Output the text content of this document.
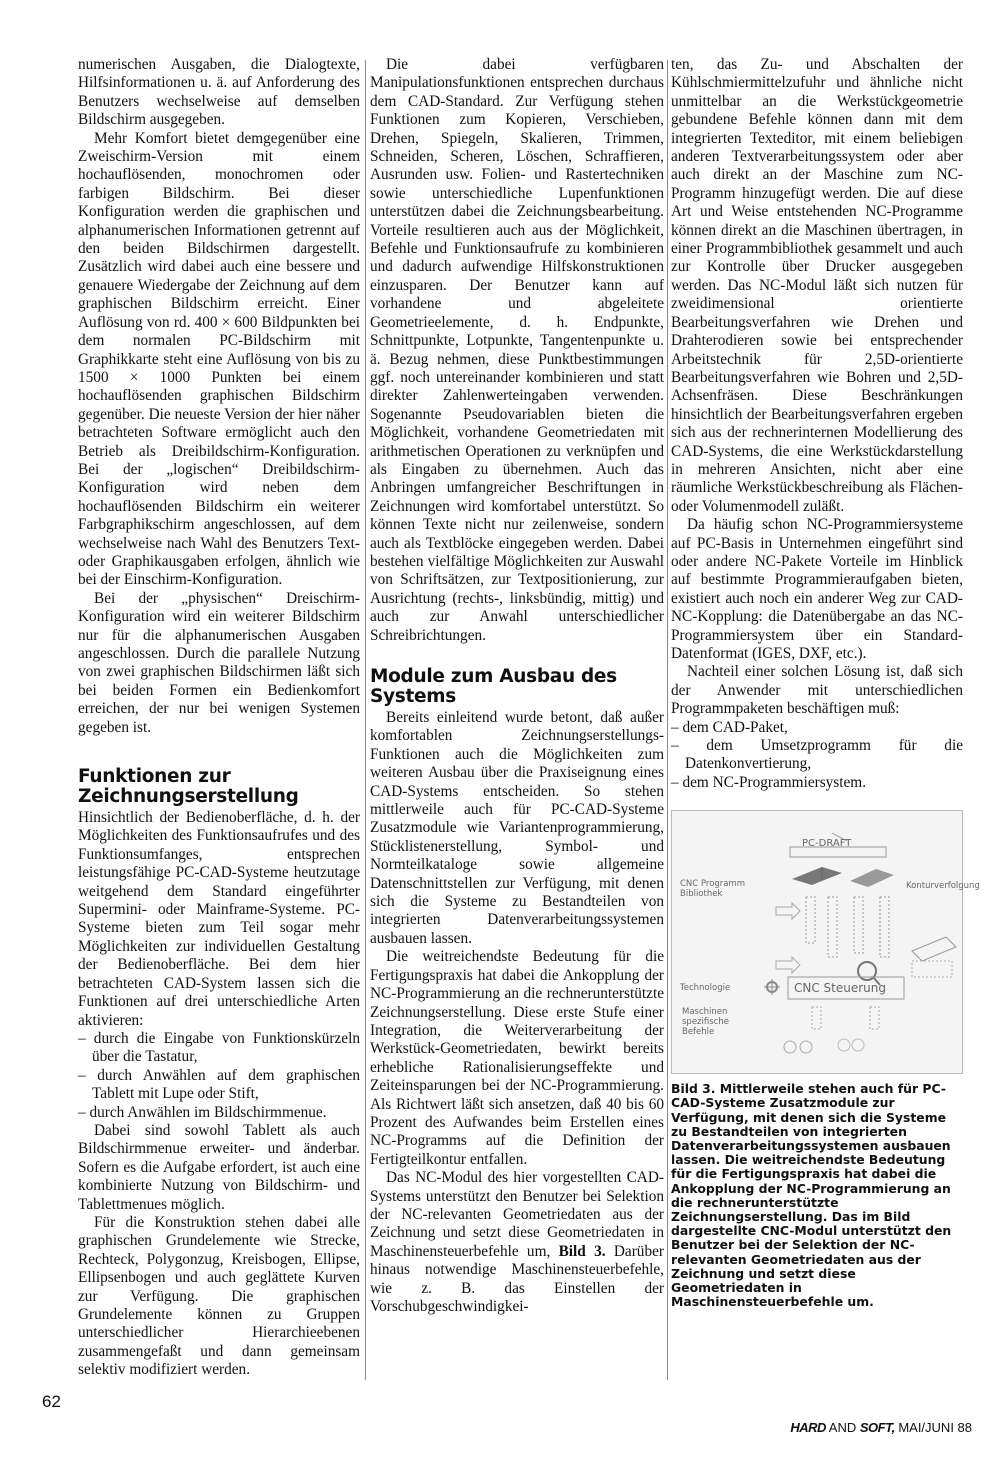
numerischen Ausgaben, die Dialogtexte, Hilfsinformationen u. ä. auf Anforderung des Benutzers wechselweise auf demselben Bildschirm ausgegeben.

Mehr Komfort bietet demgegenüber eine Zweischirm-Version mit einem hochauflösenden, monochromen oder farbigen Bildschirm. Bei dieser Konfiguration werden die graphischen und alphanumerischen Informationen getrennt auf den beiden Bildschirmen dargestellt. Zusätzlich wird dabei auch eine bessere und genauere Wiedergabe der Zeichnung auf dem graphischen Bildschirm erreicht. Einer Auflösung von rd. 400 × 600 Bildpunkten bei dem normalen PC-Bildschirm mit Graphikkarte steht eine Auflösung von bis zu 1500 × 1000 Punkten bei einem hochauflösenden graphischen Bildschirm gegenüber. Die neueste Version der hier näher betrachteten Software ermöglicht auch den Betrieb als Dreibildschirm-Konfiguration. Bei der „logischen“ Dreibildschirm-Konfiguration wird neben dem hochauflösenden Bildschirm ein weiterer Farbgraphikschirm angeschlossen, auf dem wechselweise nach Wahl des Benutzers Text- oder Graphikausgaben erfolgen, ähnlich wie bei der Einschirm-Konfiguration.

Bei der „physischen“ Dreischirm-Konfiguration wird ein weiterer Bildschirm nur für die alphanumerischen Ausgaben angeschlossen. Durch die parallele Nutzung von zwei graphischen Bildschirmen läßt sich bei beiden Formen ein Bedienkomfort erreichen, der nur bei wenigen Systemen gegeben ist.

Funktionen zur Zeichnungserstellung

Hinsichtlich der Bedienoberfläche, d. h. der Möglichkeiten des Funktionsaufrufes und des Funktionsumfanges, entsprechen leistungsfähige PC-CAD-Systeme heutzutage weitgehend dem Standard eingeführter Supermini- oder Mainframe-Systeme. PC-Systeme bieten zum Teil sogar mehr Möglichkeiten zur individuellen Gestaltung der Bedienoberfläche. Bei dem hier betrachteten CAD-System lassen sich die Funktionen auf drei unterschiedliche Arten aktivieren:

– durch die Eingabe von Funktionskürzeln über die Tastatur,
– durch Anwählen auf dem graphischen Tablett mit Lupe oder Stift,
– durch Anwählen im Bildschirmmenue.

Dabei sind sowohl Tablett als auch Bildschirmmenue erweiter- und änderbar. Sofern es die Aufgabe erfordert, ist auch eine kombinierte Nutzung von Bildschirm- und Tablettmenues möglich.

Für die Konstruktion stehen dabei alle graphischen Grundelemente wie Strecke, Rechteck, Polygonzug, Kreisbogen, Ellipse, Ellipsenbogen und auch geglättete Kurven zur Verfügung. Die graphischen Grundelemente können zu Gruppen unterschiedlicher Hierarchieebenen zusammengefaßt und dann gemeinsam selektiv modifiziert werden.

Die dabei verfügbaren Manipulationsfunktionen entsprechen durchaus dem CAD-Standard. Zur Verfügung stehen Funktionen zum Kopieren, Verschieben, Drehen, Spiegeln, Skalieren, Trimmen, Schneiden, Scheren, Löschen, Schraffieren, Ausrunden usw. Folien- und Rastertechniken sowie unterschiedliche Lupenfunktionen unterstützen dabei die Zeichnungsbearbeitung. Vorteile resultieren auch aus der Möglichkeit, Befehle und Funktionsaufrufe zu kombinieren und dadurch aufwendige Hilfskonstruktionen einzusparen. Der Benutzer kann auf vorhandene und abgeleitete Geometrieelemente, d. h. Endpunkte, Schnittpunkte, Lotpunkte, Tangentenpunkte u. ä. Bezug nehmen, diese Punktbestimmungen ggf. noch untereinander kombinieren und statt direkter Zahlenwerteingaben verwenden. Sogenannte Pseudovariablen bieten die Möglichkeit, vorhandene Geometriedaten mit arithmetischen Operationen zu verknüpfen und als Eingaben zu übernehmen. Auch das Anbringen umfangreicher Beschriftungen in Zeichnungen wird komfortabel unterstützt. So können Texte nicht nur zeilenweise, sondern auch als Textblöcke eingegeben werden. Dabei bestehen vielfältige Möglichkeiten zur Auswahl von Schriftsätzen, zur Textpositionierung, zur Ausrichtung (rechts-, linksbündig, mittig) und auch zur Anwahl unterschiedlicher Schreibrichtungen.

Module zum Ausbau des Systems

Bereits einleitend wurde betont, daß außer komfortablen Zeichnungserstellungs-Funktionen auch die Möglichkeiten zum weiteren Ausbau über die Praxiseignung eines CAD-Systems entscheiden. So stehen mittlerweile auch für PC-CAD-Systeme Zusatzmodule wie Variantenprogrammierung, Stücklistenerstellung, Symbol- und Normteilkataloge sowie allgemeine Datenschnittstellen zur Verfügung, mit denen sich die Systeme zu Bestandteilen von integrierten Datenverarbeitungssystemen ausbauen lassen.

Die weitreichendste Bedeutung für die Fertigungspraxis hat dabei die Ankopplung der NC-Programmierung an die rechnerunterstützte Zeichnungserstellung. Diese erste Stufe einer Integration, die Weiterverarbeitung der Werkstück-Geometriedaten, bewirkt bereits erhebliche Rationalisierungseffekte und Zeiteinsparungen bei der NC-Programmierung. Als Richtwert läßt sich ansetzen, daß 40 bis 60 Prozent des Aufwandes beim Erstellen eines NC-Programms auf die Definition der Fertigteilkontur entfallen.

Das NC-Modul des hier vorgestellten CAD-Systems unterstützt den Benutzer bei Selektion der NC-relevanten Geometriedaten aus der Zeichnung und setzt diese Geometriedaten in Maschinensteuerbefehle um, Bild 3. Darüber hinaus notwendige Maschinensteuerbefehle, wie z. B. das Einstellen der Vorschubgeschwindigkei-

ten, das Zu- und Abschalten der Kühlschmiermittelzufuhr und ähnliche nicht unmittelbar an die Werkstückgeometrie gebundene Befehle können dann mit dem integrierten Texteditor, mit einem beliebigen anderen Textverarbeitungssystem oder aber auch direkt an der Maschine zum NC-Programm hinzugefügt werden. Die auf diese Art und Weise entstehenden NC-Programme können direkt an die Maschinen übertragen, in einer Programmbibliothek gesammelt und auch zur Kontrolle über Drucker ausgegeben werden. Das NC-Modul läßt sich nutzen für zweidimensional orientierte Bearbeitungsverfahren wie Drehen und Drahterodieren sowie bei entsprechender Arbeitstechnik für 2,5D-orientierte Bearbeitungsverfahren wie Bohren und 2,5D-Achsenfräsen. Diese Beschränkungen hinsichtlich der Bearbeitungsverfahren ergeben sich aus der rechnerinternen Modellierung des CAD-Systems, die eine Werkstückdarstellung in mehreren Ansichten, nicht aber eine räumliche Werkstückbeschreibung als Flächen- oder Volumenmodell zuläßt.

Da häufig schon NC-Programmiersysteme auf PC-Basis in Unternehmen eingeführt sind oder andere NC-Pakete Vorteile im Hinblick auf bestimmte Programmieraufgaben bieten, existiert auch noch ein anderer Weg zur CAD-NC-Kopplung: die Datenübergabe an das NC-Programmiersystem über ein Standard-Datenformat (IGES, DXF, etc.).

Nachteil einer solchen Lösung ist, daß sich der Anwender mit unterschiedlichen Programmpaketen beschäftigen muß:

– dem CAD-Paket,
– dem Umsetzprogramm für die Datenkonvertierung,
– dem NC-Programmiersystem.
PC-DRAFT
CNC Programm
Bibliothek
Konturverfolgung
Technologie	CNC Steuerung
Maschinen
spezifische
Befehle
Bild 3. Mittlerweile stehen auch für PC-CAD-Systeme Zusatzmodule zur Verfügung, mit denen sich die Systeme zu Bestandteilen von integrierten Datenverarbeitungssystemen ausbauen lassen. Die weitreichendste Bedeutung für die Fertigungspraxis hat dabei die Ankopplung der NC-Programmierung an die rechnerunterstützte Zeichnungserstellung. Das im Bild dargestellte CNC-Modul unterstützt den Benutzer bei der Selektion der NC-relevanten Geometriedaten aus der Zeichnung und setzt diese Geometriedaten in Maschinensteuerbefehle um.
62
HARD AND SOFT, MAI/JUNI 88
